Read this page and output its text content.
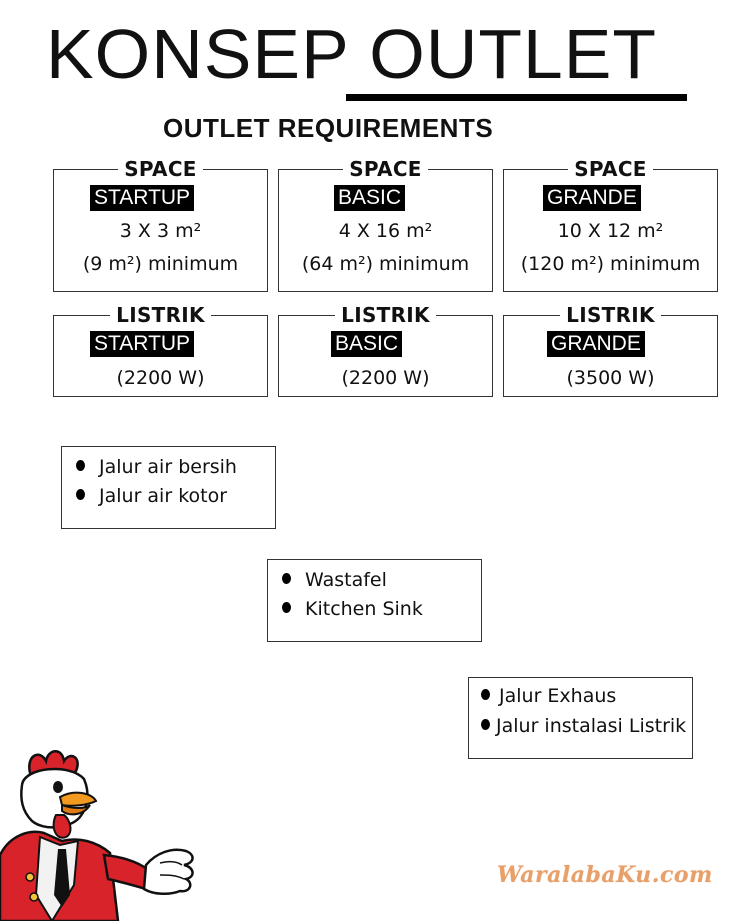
KONSEP OUTLET
OUTLET REQUIREMENTS
SPACE
STARTUP
3 X 3 m²
(9 m²) minimum
SPACE
BASIC
4 X 16 m²
(64 m²) minimum
SPACE
GRANDE
10 X 12 m²
(120 m²) minimum
LISTRIK
STARTUP
(2200 W)
LISTRIK
BASIC
(2200 W)
LISTRIK
GRANDE
(3500 W)
Jalur air bersih
Jalur air kotor
Wastafel
Kitchen Sink
Jalur Exhaus
Jalur instalasi Listrik
WaralabaKu.com
